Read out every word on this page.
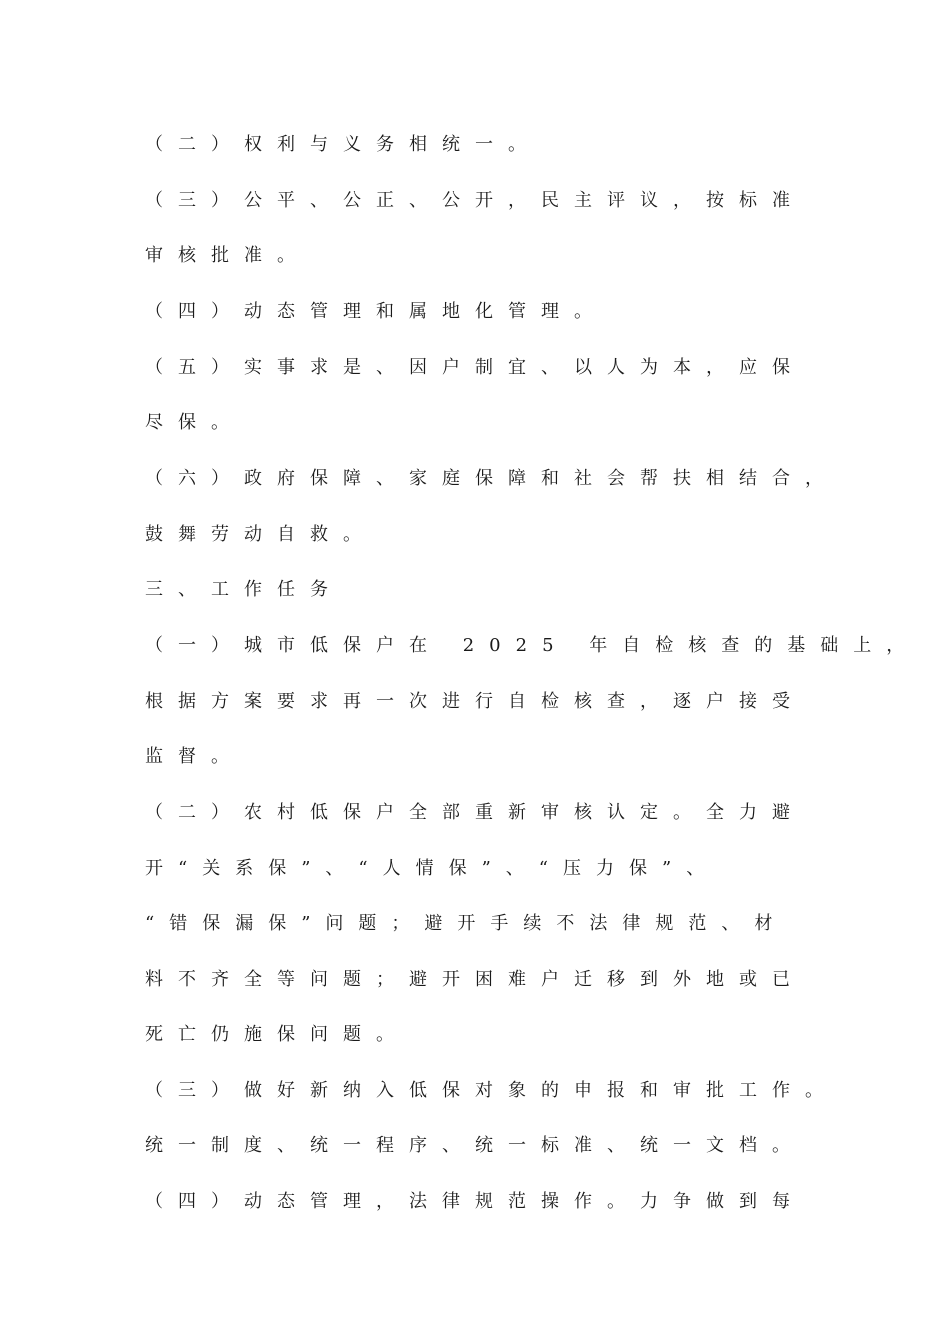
（二）权利与义务相统一。
（三）公平、公正、公开，民主评议，按标准
审核批准。
（四）动态管理和属地化管理。
（五）实事求是、因户制宜、以人为本，应保
尽保。
（六）政府保障、家庭保障和社会帮扶相结合，
鼓舞劳动自救。
三、工作任务
（一）城市低保户在 2025 年自检核查的基础上，
根据方案要求再一次进行自检核查，逐户接受
监督。
（二）农村低保户全部重新审核认定。全力避
开“关系保”、“人情保”、“压力保”、
“错保漏保”问题；避开手续不法律规范、材
料不齐全等问题；避开困难户迁移到外地或已
死亡仍施保问题。
（三）做好新纳入低保对象的申报和审批工作。
统一制度、统一程序、统一标准、统一文档。
（四）动态管理，法律规范操作。力争做到每
